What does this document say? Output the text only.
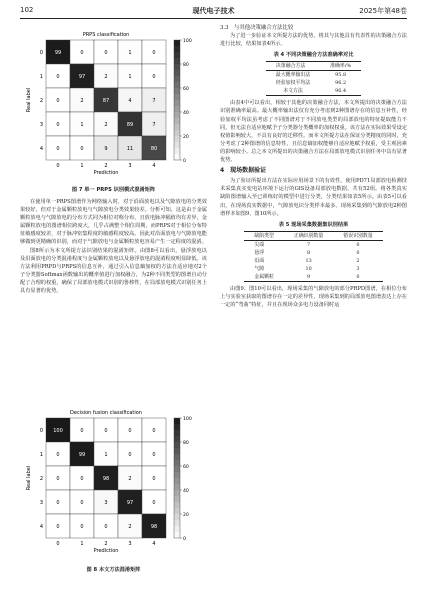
102	现代电子技术	2025年第48卷
PRPS classification
99	0	0	1	0
0	97	2	1	0
0	2	87	4	7
0	1	2	89	7
0	0	9	11	80
0
0
1
1
2
2
3
3
4
4
Prediction
Real label
0
20
40
60
80
100
图 7 单一 PRPS 识别模式混淆矩阵

在使用单一PRPS图谱作为网络输入时，对于沿面放电以及气隙放电的分类效果较好，但对于金属颗粒放电与气隙放电分类效果较差。分析可知，这是由于金属颗粒放电与气隙放电的分布方式同为相位对称分布，且放电脉冲幅值均有差异，金属颗粒放电的图谱相位跨度大，几乎占满整个相位周期，而PRPS对于相位分布特征敏感度较差，对于脉冲密集程度的敏感程度较高。因此对沿面放电与气隙放电能够做到更精确的识别，而对于气隙放电与金属颗粒放电容易产生一定程度的混淆。

图8所示为本文所提方法识别结果的混淆矩阵。由图8可以看出，悬浮放电以及沿面放电的分类混淆程度与金属颗粒放电以及悬浮放电的混淆程度明显降低。该方法利用PRPD与PRPS的信息互补，通过引入信息熵加权的方法自适应地对2个子分类器Softmax函数输出的概率值进行加权融合，为2种不同类型的图谱自动分配了合理的权重，确保了局部放电模式识别的鲁棒性，在局部放电模式识别任务上具有显著的优势。

Decision fusion classification
100	0	0	0	0
0	99	1	0	0
0	0	98	2	0
0	0	3	97	0
0	0	0	2	98
0
0
1
1
2
2
3
3
4
4
Prediction
Real label
0
20
40
60
80
100
图 8 本文方法混淆矩阵
3.3　与其他决策融合方法比较

为了进一步验证本文所提方法的优势，将其与其他具有代表性的决策融合方法进行比较，结果如表4所示。

表 4 不同决策融合方法准确率对比
决策融合方法	准确率/%
最大概率输出法	95.8
经验加权平均法	96.2
本文方法	96.4

由表4中可以看出，相较于其他的决策融合方法，本文所提出的决策融合方法识别准确率最高。最大概率输出法仅有充分考虑到2种图谱存在的信息互补性，经验加权平均法虽考虑了不同图谱对于不同放电类型的局部放电的特征提取能力不同，但无法自适应地赋予子分类器分类概率的加权权重。该方法在实际效果受设定权值影响较大，不具有良好的迁移性。而本文所提方法在保证分类精度的同时，充分考虑了2种图谱的信息特性，且信息熵加权能够自适应地赋予权重，受主观因素的影响较小。总之本文所提出的决策融合方法在局部放电模式识别任务中具有显著优势。

4　现场数据验证

为了验证所提出方法在实际应用场景下的有效性，使用PD71局部放电检测技术采集真实变电站环境下运行的GIS设备局部放电数据，共有52组。将各类真实缺陷图谱输入至已训练好的模型中进行分类，分类结果如表5所示。由表5可以看出，在现场真实数据中，气隙放电识分类样本最多。现场采集到的气隙放电2种图谱样本如图9、图10所示。

表 5 现场采集数据集识别结果
缺陷类型	正确识别数量	错误识别数量
尖端	7	0
悬浮	8	0
沿面	13	2
气隙	10	3
金属颗粒	9	0

由图9、图10可以看出，现场采集的气隙放电的部分PRPD图谱，在相位分布上与实验室获取的图谱存在一定的差异性，现场采集到的局部放电图谱表达上存在一定的“弯曲”特征，并且在现场众多电力设备同时运
